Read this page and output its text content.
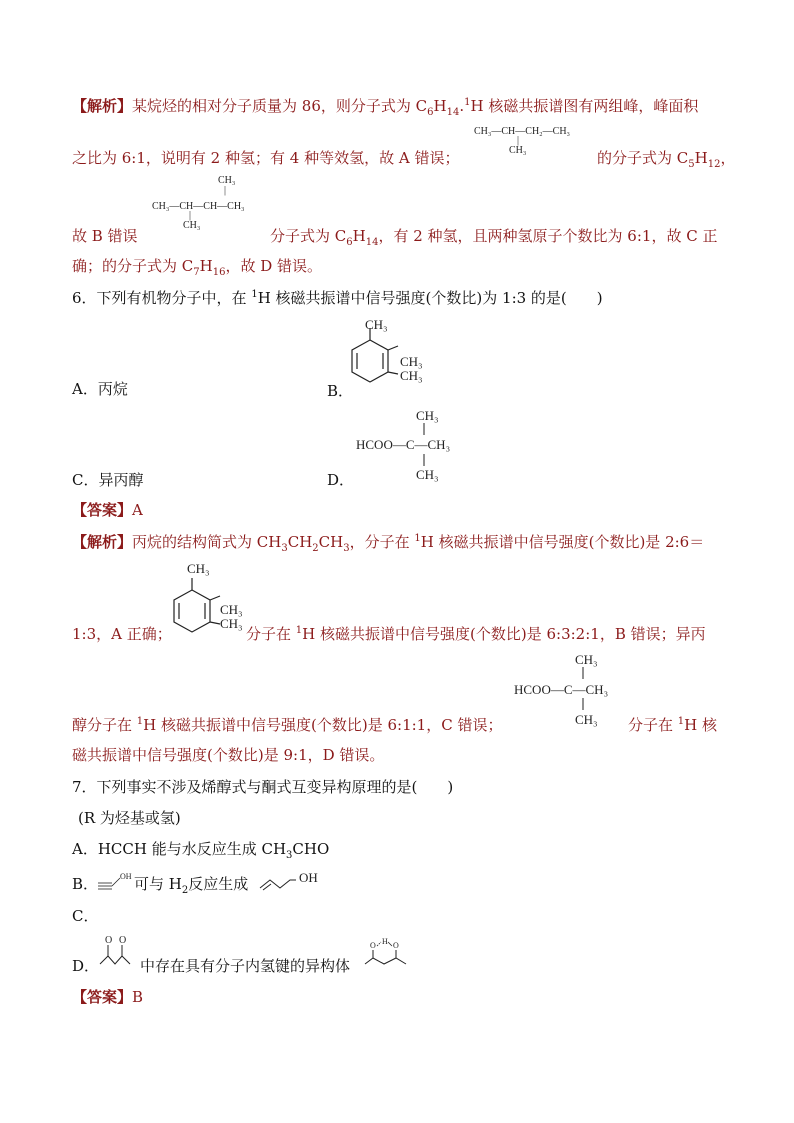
【解析】某烷烃的相对分子质量为 86，则分子式为 $C_6H_{14}.^1H$ 核磁共振谱图有两组峰，峰面积
CH₃—CH—CH₂—CH₃
|
CH₃
之比为 6:1，说明有 2 种氢；有 4 种等效氢，故 A 错误；	的分子式为 $C_5H_{12}$，
CH₃
|
CH₃—CH—CH—CH₃
|
CH₃
故 B 错误	分子式为 $C_6H_{14}$，有 2 种氢，且两种氢原子个数比为 6:1，故 C 正
确；的分子式为 $C_7H_{16}$，故 D 错误。
6．下列有机物分子中，在 $^1$H 核磁共振谱中信号强度(个数比)为 1:3 的是(　　)
A．丙烷	B．
CH₃
CH₃
CH₃
C．异丙醇	D．
CH₃
HCOO—C—CH₃
CH₃
【答案】A
【解析】丙烷的结构简式为 $CH_3CH_2CH_3$，分子在 $^1$H 核磁共振谱中信号强度(个数比)是 2:6＝
CH₃
CH₃
CH₃
1:3，A 正确；	分子在 $^1$H 核磁共振谱中信号强度(个数比)是 6:3:2:1，B 错误；异丙
CH₃
HCOO—C—CH₃
CH₃
醇分子在 $^1$H 核磁共振谱中信号强度(个数比)是 6:1:1，C 错误；	分子在 $^1$H 核
磁共振谱中信号强度(个数比)是 9:1，D 错误。
7．下列事实不涉及烯醇式与酮式互变异构原理的是(　　)
(R 为烃基或氢)
A．HCCH 能与水反应生成 $CH_3CHO$
B．	OH 可与 $H_2$反应生成	OH
C．
D．
O O
中存在具有分子内氢键的异构体
O H O
【答案】B
